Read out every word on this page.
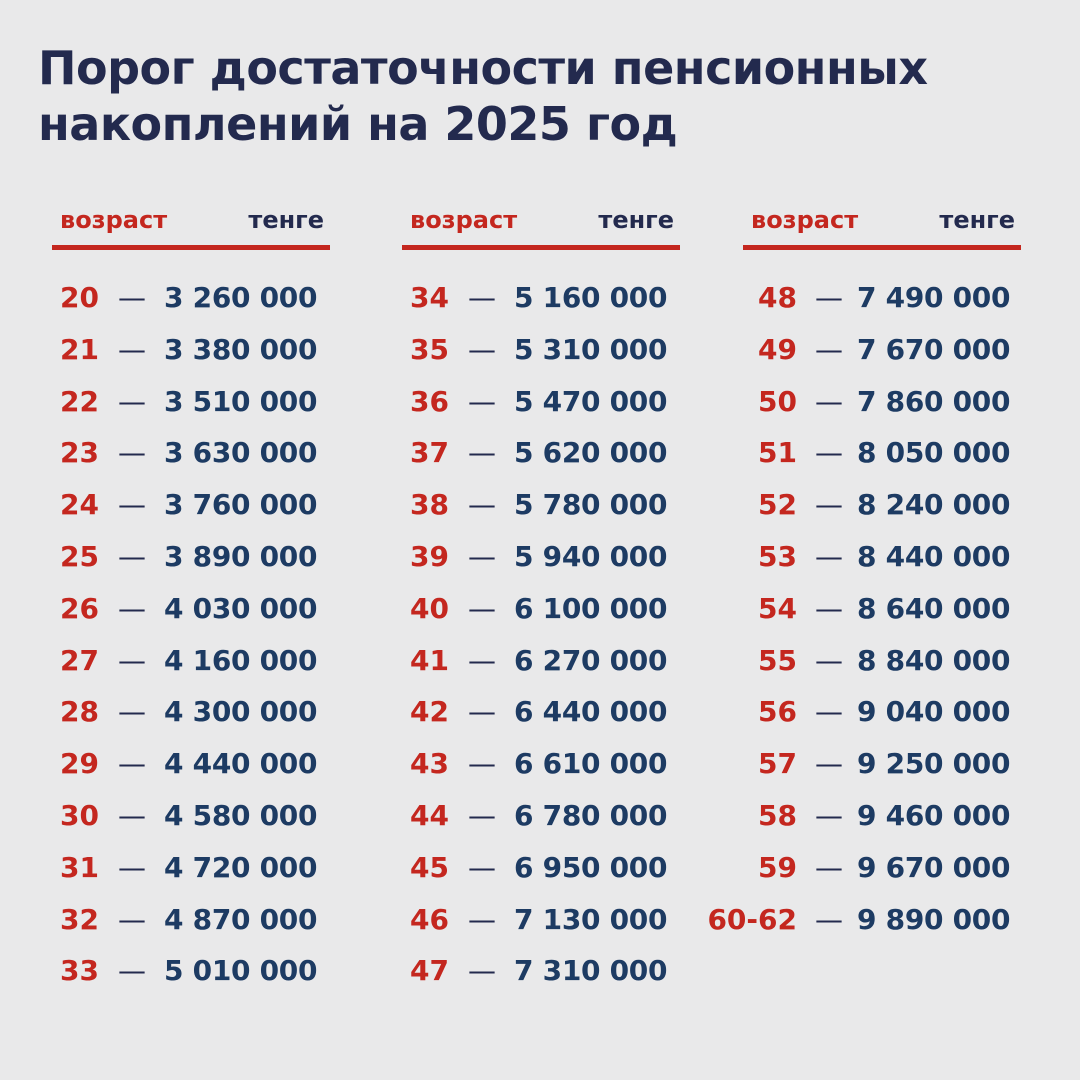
Порог достаточности пенсионных
накоплений на 2025 год
возраст	тенге
20 — 3 260 000
21 — 3 380 000
22 — 3 510 000
23 — 3 630 000
24 — 3 760 000
25 — 3 890 000
26 — 4 030 000
27 — 4 160 000
28 — 4 300 000
29 — 4 440 000
30 — 4 580 000
31 — 4 720 000
32 — 4 870 000
33 — 5 010 000
возраст	тенге
34 — 5 160 000
35 — 5 310 000
36 — 5 470 000
37 — 5 620 000
38 — 5 780 000
39 — 5 940 000
40 — 6 100 000
41 — 6 270 000
42 — 6 440 000
43 — 6 610 000
44 — 6 780 000
45 — 6 950 000
46 — 7 130 000
47 — 7 310 000
возраст	тенге
48 — 7 490 000
49 — 7 670 000
50 — 7 860 000
51 — 8 050 000
52 — 8 240 000
53 — 8 440 000
54 — 8 640 000
55 — 8 840 000
56 — 9 040 000
57 — 9 250 000
58 — 9 460 000
59 — 9 670 000
60-62 — 9 890 000
